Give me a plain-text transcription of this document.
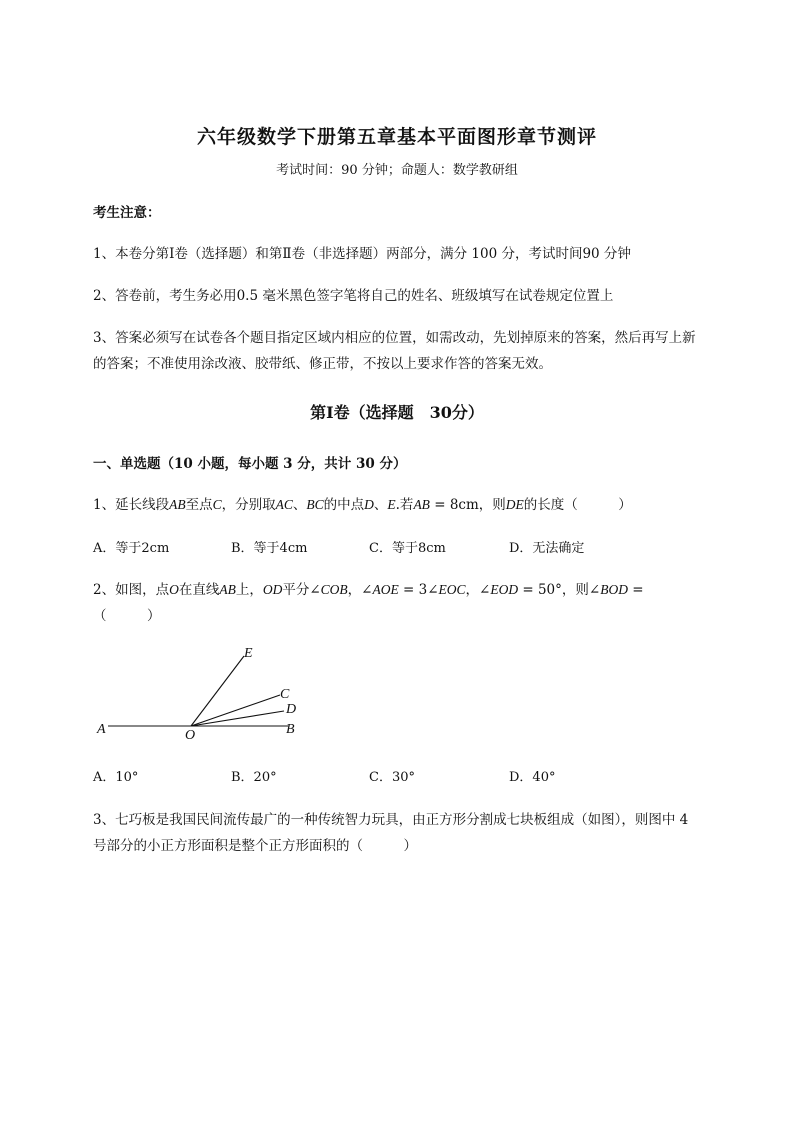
六年级数学下册第五章基本平面图形章节测评
考试时间：90 分钟；命题人：数学教研组
考生注意：
1、本卷分第Ⅰ卷（选择题）和第Ⅱ卷（非选择题）两部分，满分 100 分，考试时间90 分钟
2、答卷前，考生务必用0.5 毫米黑色签字笔将自己的姓名、班级填写在试卷规定位置上
3、答案必须写在试卷各个题目指定区域内相应的位置，如需改动，先划掉原来的答案，然后再写上新
的答案；不准使用涂改液、胶带纸、修正带，不按以上要求作答的答案无效。
第Ⅰ卷（选择题　30分）
一、单选题（10 小题，每小题 3 分，共计 30 分）
1、延长线段AB至点C，分别取AC、BC的中点D、E.若AB = 8cm，则DE的长度（　　　）
A．等于2cm	B．等于4cm	C．等于8cm	D．无法确定
2、如图，点O在直线AB上，OD平分∠COB，∠AOE = 3∠EOC，∠EOD = 50°，则∠BOD =
（　　　）
E
C
D
A	O	B
A．10°	B．20°	C．30°	D．40°
3、七巧板是我国民间流传最广的一种传统智力玩具，由正方形分割成七块板组成（如图），则图中 4
号部分的小正方形面积是整个正方形面积的（　　　）
